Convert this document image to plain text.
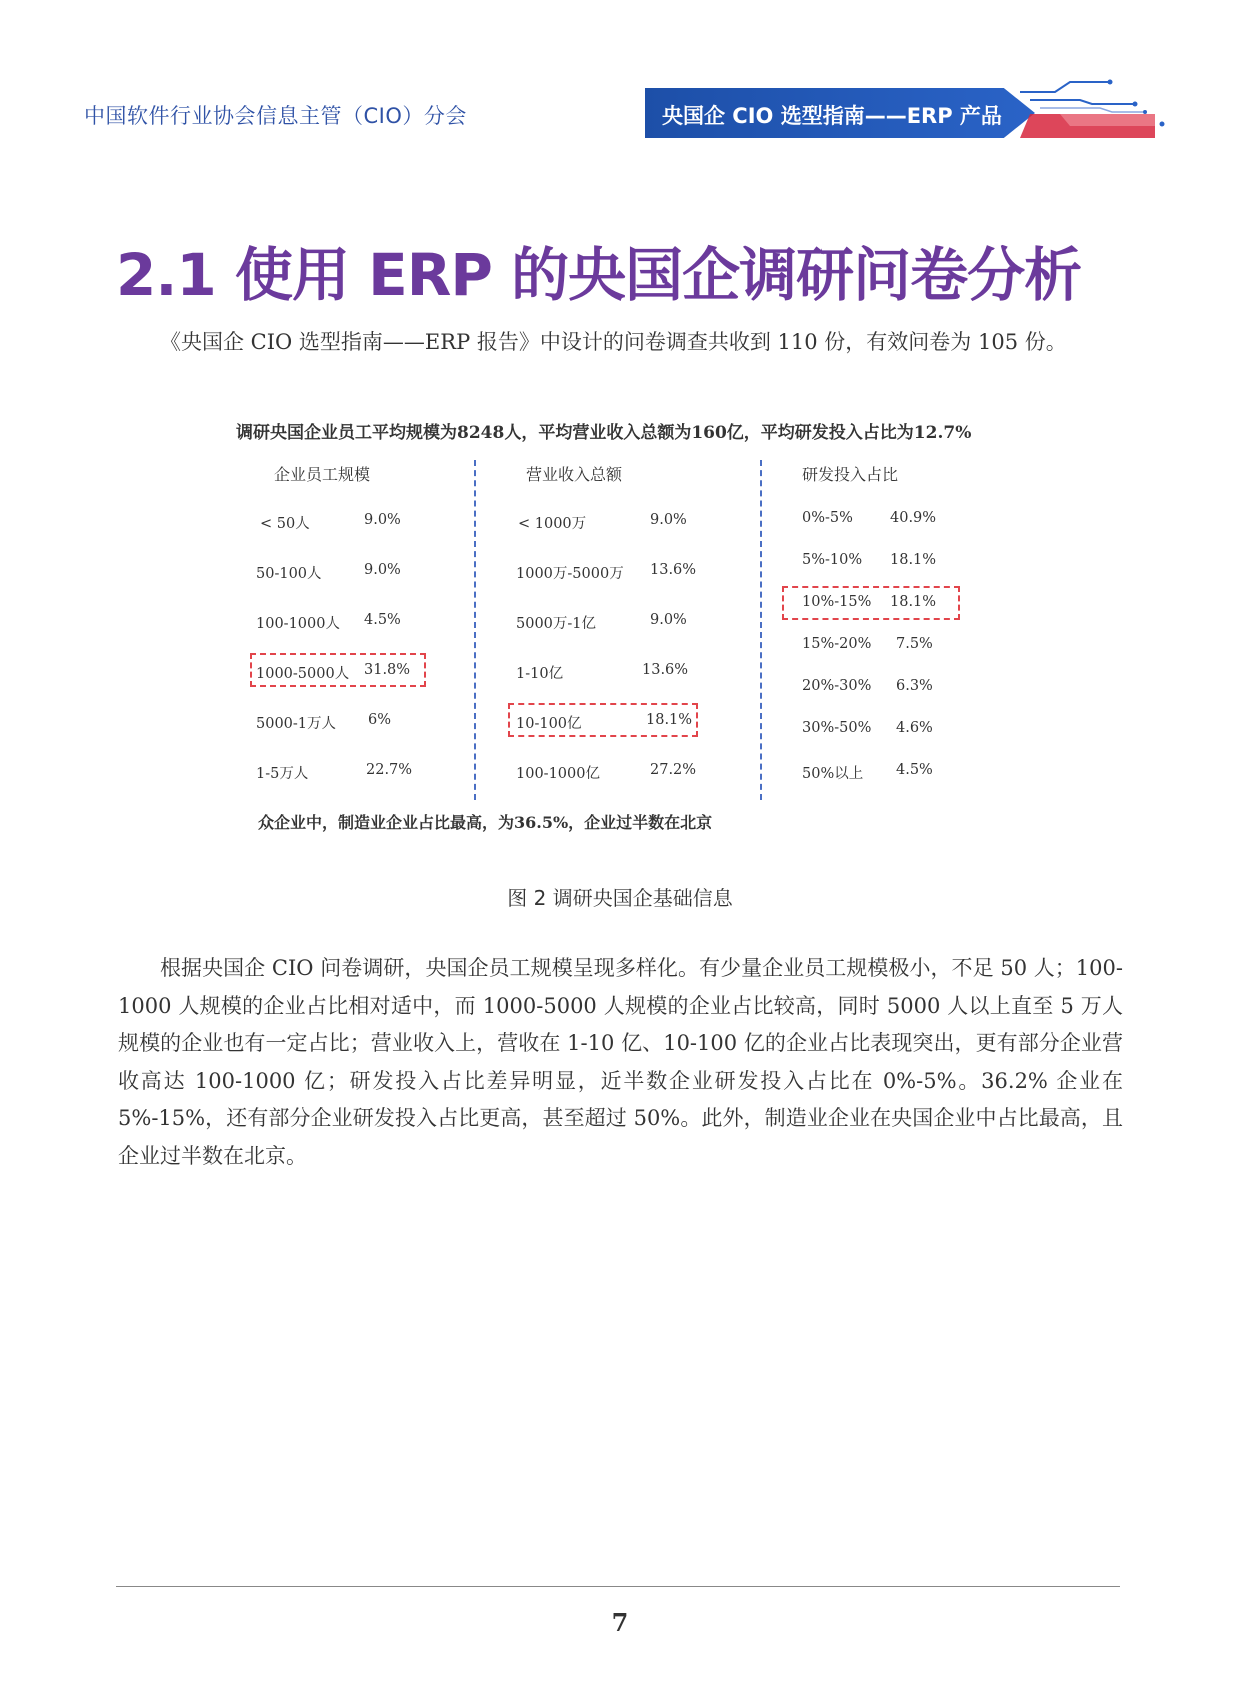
中国软件行业协会信息主管（CIO）分会	央国企 CIO 选型指南——ERP 产品
2.1 使用 ERP 的央国企调研问卷分析

《央国企 CIO 选型指南——ERP 报告》中设计的问卷调查共收到 110 份，有效问卷为 105 份。

调研央国企业员工平均规模为8248人，平均营业收入总额为160亿，平均研发投入占比为12.7%
企业员工规模
< 50人	9.0%
50-100人	9.0%
100-1000人 4.5%
1000-5000人 31.8%
5000-1万人 6%
1-5万人	22.7%
营业收入总额
< 1000万	9.0%
1000万-5000万 13.6%
5000万-1亿	9.0%
1-10亿	13.6%
10-100亿	18.1%
100-1000亿	27.2%
研发投入占比
0%-5%	40.9%
5%-10% 18.1%
10%-15% 18.1%
15%-20% 7.5%
20%-30% 6.3%
30%-50% 4.6%
50%以上 4.5%
众企业中，制造业企业占比最高，为36.5%，企业过半数在北京
图 2 调研央国企基础信息

根据央国企 CIO 问卷调研，央国企员工规模呈现多样化。有少量企业员工规模极小，不足 50 人；100-1000 人规模的企业占比相对适中，而 1000-5000 人规模的企业占比较高，同时 5000 人以上直至 5 万人规模的企业也有一定占比；营业收入上，营收在 1-10 亿、10-100 亿的企业占比表现突出，更有部分企业营收高达 100-1000 亿；研发投入占比差异明显，近半数企业研发投入占比在 0%-5%。36.2% 企业在 5%-15%，还有部分企业研发投入占比更高，甚至超过 50%。此外，制造业企业在央国企业中占比最高，且企业过半数在北京。

7
